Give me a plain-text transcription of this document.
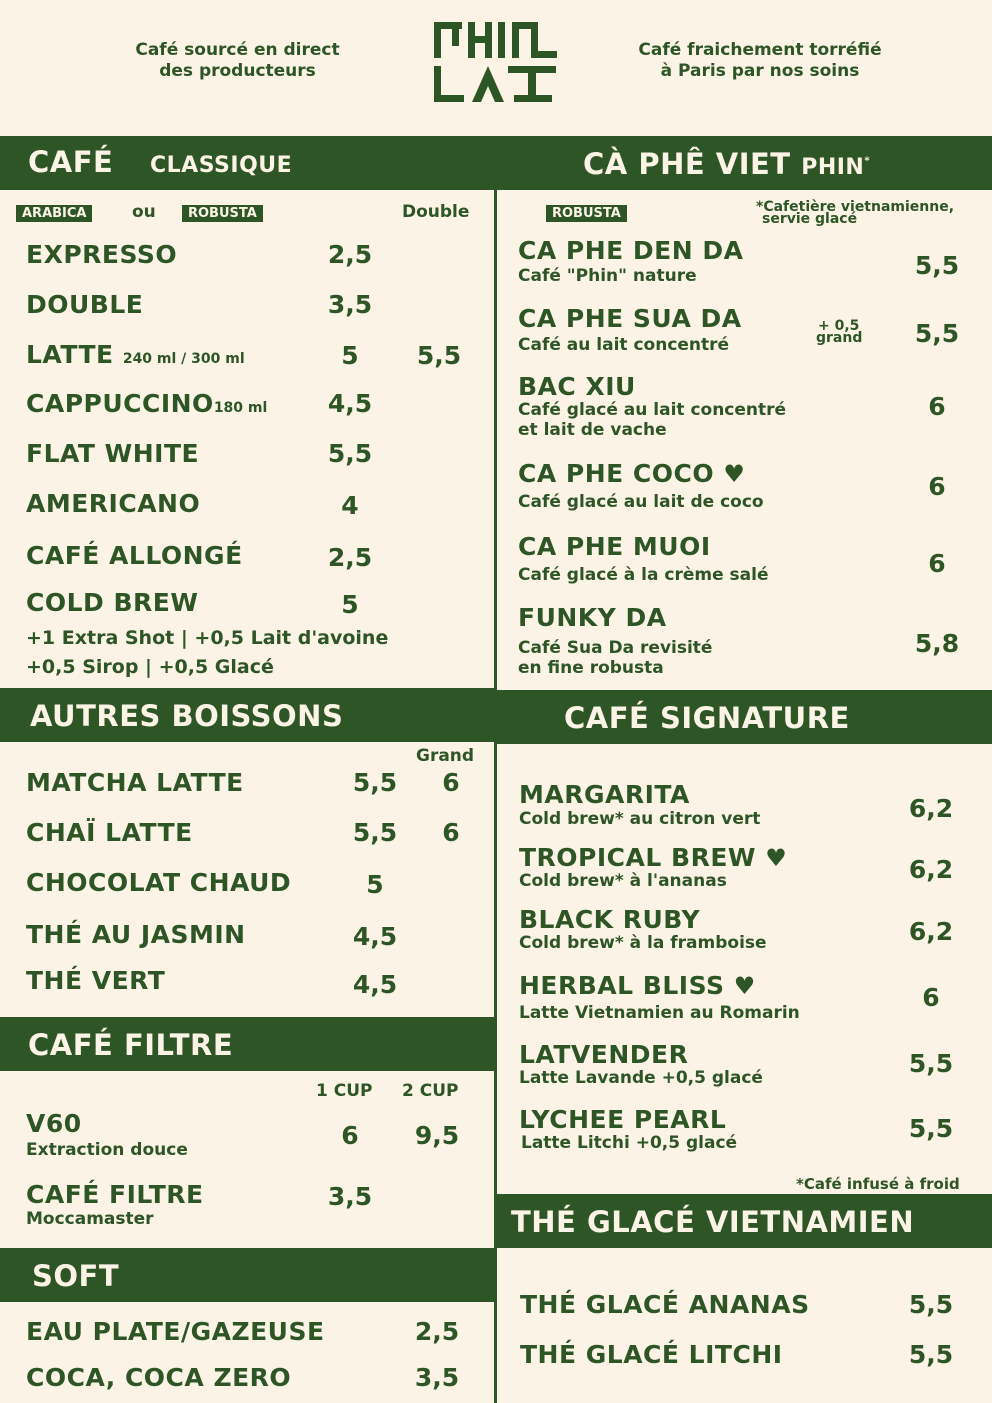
Café sourcé en direct
des producteurs
Café fraichement torréfié
à Paris par nos soins
CAFÉ CLASSIQUE
ARABICA	ou	ROBUSTA	Double
EXPRESSO	2,5
DOUBLE	3,5
LATTE 240 ml / 300 ml	5	5,5
CAPPUCCINO180 ml	4,5
FLAT WHITE	5,5
AMERICANO	4
CAFÉ ALLONGÉ	2,5
COLD BREW	5
+1 Extra Shot | +0,5 Lait d'avoine
+0,5 Sirop | +0,5 Glacé
CÀ PHÊ VIET PHIN*
ROBUSTA	*Cafetière vietnamienne,
servie glacé
CA PHE DEN DA
Café "Phin" nature	5,5
CA PHE SUA DA
Café au lait concentré
+ 0,5
grand	5,5
BAC XIU
Café glacé au lait concentré
et lait de vache
6
CA PHE COCO ♥
Café glacé au lait de coco
6
CA PHE MUOI
Café glacé à la crème salé	6
FUNKY DA
Café Sua Da revisité
en fine robusta
5,8
AUTRES BOISSONS
Grand
MATCHA LATTE	5,5	6
CHAÏ LATTE	5,5	6
CHOCOLAT CHAUD	5
THÉ AU JASMIN	4,5
THÉ VERT	4,5
CAFÉ SIGNATURE
MARGARITA
Cold brew* au citron vert	6,2
TROPICAL BREW ♥
Cold brew* à l'ananas	6,2
BLACK RUBY
Cold brew* à la framboise	6,2
HERBAL BLISS ♥
Latte Vietnamien au Romarin
6
LATVENDER
Latte Lavande +0,5 glacé	5,5
LYCHEE PEARL
Latte Litchi +0,5 glacé	5,5
*Café infusé à froid
CAFÉ FILTRE
1 CUP 2 CUP
V60
Extraction douce	6	9,5
CAFÉ FILTRE
Moccamaster
3,5
THÉ GLACÉ VIETNAMIEN
THÉ GLACÉ ANANAS	5,5
THÉ GLACÉ LITCHI	5,5
SOFT
EAU PLATE/GAZEUSE	2,5
COCA, COCA ZERO	3,5
